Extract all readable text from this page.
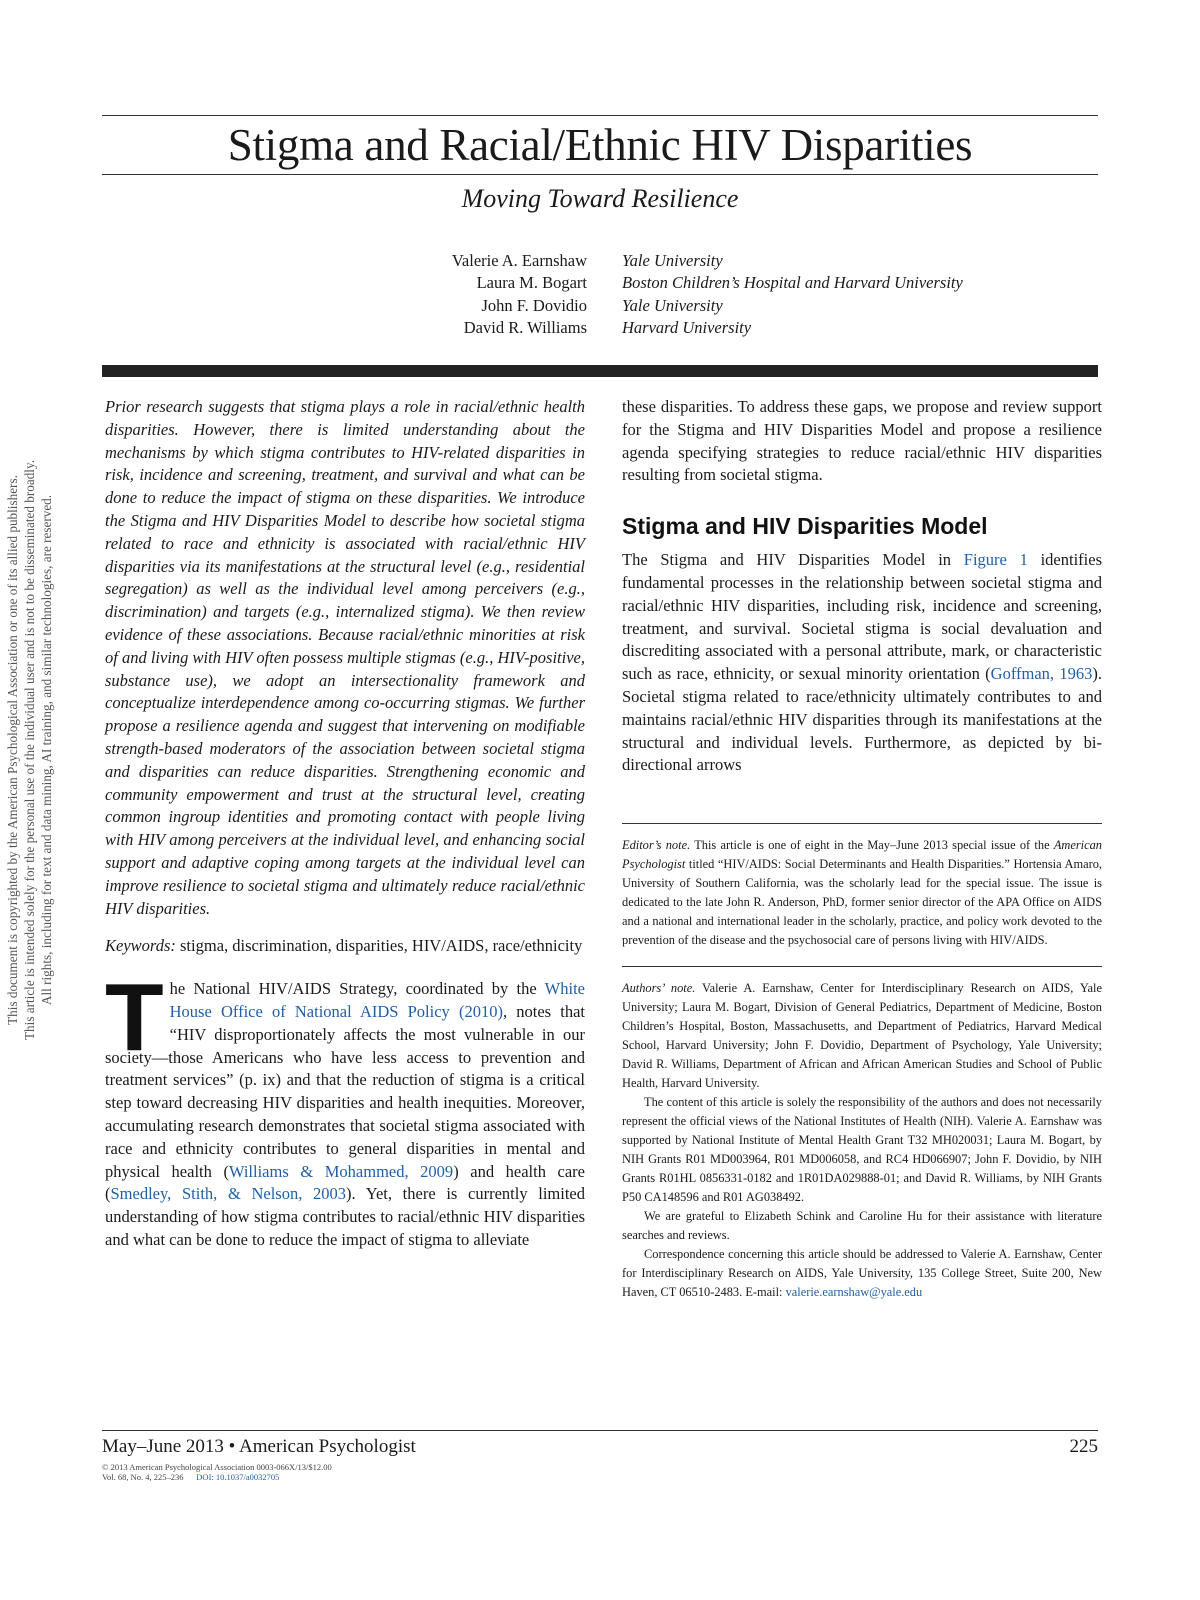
This document is copyrighted by the American Psychological Association or one of its allied publishers. This article is intended solely for the personal use of the individual user and is not to be disseminated broadly. All rights, including for text and data mining, AI training, and similar technologies, are reserved.
Stigma and Racial/Ethnic HIV Disparities

Moving Toward Resilience

Valerie A. Earnshaw
Laura M. Bogart
John F. Dovidio
David R. Williams
Yale University
Boston Children’s Hospital and Harvard University
Yale University
Harvard University

Prior research suggests that stigma plays a role in racial/ethnic health disparities. However, there is limited understanding about the mechanisms by which stigma contributes to HIV-related disparities in risk, incidence and screening, treatment, and survival and what can be done to reduce the impact of stigma on these disparities. We introduce the Stigma and HIV Disparities Model to describe how societal stigma related to race and ethnicity is associated with racial/ethnic HIV disparities via its manifestations at the structural level (e.g., residential segregation) as well as the individual level among perceivers (e.g., discrimination) and targets (e.g., internalized stigma). We then review evidence of these associations. Because racial/ethnic minorities at risk of and living with HIV often possess multiple stigmas (e.g., HIV-positive, substance use), we adopt an intersectionality framework and conceptualize interdependence among co-occurring stigmas. We further propose a resilience agenda and suggest that intervening on modifiable strength-based moderators of the association between societal stigma and disparities can reduce disparities. Strengthening economic and community empowerment and trust at the structural level, creating common ingroup identities and promoting contact with people living with HIV among perceivers at the individual level, and enhancing social support and adaptive coping among targets at the individual level can improve resilience to societal stigma and ultimately reduce racial/ethnic HIV disparities.

Keywords: stigma, discrimination, disparities, HIV/AIDS, race/ethnicity

The National HIV/AIDS Strategy, coordinated by the White House Office of National AIDS Policy (2010), notes that “HIV disproportionately affects the most vulnerable in our society—those Americans who have less access to prevention and treatment services” (p. ix) and that the reduction of stigma is a critical step toward decreasing HIV disparities and health inequities. Moreover, accumulating research demonstrates that societal stigma associated with race and ethnicity contributes to general disparities in mental and physical health (Williams & Mohammed, 2009) and health care (Smedley, Stith, & Nelson, 2003). Yet, there is currently limited understanding of how stigma contributes to racial/ethnic HIV disparities and what can be done to reduce the impact of stigma to alleviate

these disparities. To address these gaps, we propose and review support for the Stigma and HIV Disparities Model and propose a resilience agenda specifying strategies to reduce racial/ethnic HIV disparities resulting from societal stigma.

Stigma and HIV Disparities Model

The Stigma and HIV Disparities Model in Figure 1 identifies fundamental processes in the relationship between societal stigma and racial/ethnic HIV disparities, including risk, incidence and screening, treatment, and survival. Societal stigma is social devaluation and discrediting associated with a personal attribute, mark, or characteristic such as race, ethnicity, or sexual minority orientation (Goffman, 1963). Societal stigma related to race/ethnicity ultimately contributes to and maintains racial/ethnic HIV disparities through its manifestations at the structural and individual levels. Furthermore, as depicted by bi-directional arrows

Editor’s note. This article is one of eight in the May–June 2013 special issue of the American Psychologist titled “HIV/AIDS: Social Determinants and Health Disparities.” Hortensia Amaro, University of Southern California, was the scholarly lead for the special issue. The issue is dedicated to the late John R. Anderson, PhD, former senior director of the APA Office on AIDS and a national and international leader in the scholarly, practice, and policy work devoted to the prevention of the disease and the psychosocial care of persons living with HIV/AIDS.

Authors’ note. Valerie A. Earnshaw, Center for Interdisciplinary Research on AIDS, Yale University; Laura M. Bogart, Division of General Pediatrics, Department of Medicine, Boston Children’s Hospital, Boston, Massachusetts, and Department of Pediatrics, Harvard Medical School, Harvard University; John F. Dovidio, Department of Psychology, Yale University; David R. Williams, Department of African and African American Studies and School of Public Health, Harvard University.

The content of this article is solely the responsibility of the authors and does not necessarily represent the official views of the National Institutes of Health (NIH). Valerie A. Earnshaw was supported by National Institute of Mental Health Grant T32 MH020031; Laura M. Bogart, by NIH Grants R01 MD003964, R01 MD006058, and RC4 HD066907; John F. Dovidio, by NIH Grants R01HL 0856331-0182 and 1R01DA029888-01; and David R. Williams, by NIH Grants P50 CA148596 and R01 AG038492.

We are grateful to Elizabeth Schink and Caroline Hu for their assistance with literature searches and reviews.

Correspondence concerning this article should be addressed to Valerie A. Earnshaw, Center for Interdisciplinary Research on AIDS, Yale University, 135 College Street, Suite 200, New Haven, CT 06510-2483. E-mail: valerie.earnshaw@yale.edu

May–June 2013 • American Psychologist	225
© 2013 American Psychological Association 0003-066X/13/$12.00
Vol. 68, No. 4, 225–236 DOI: 10.1037/a0032705
